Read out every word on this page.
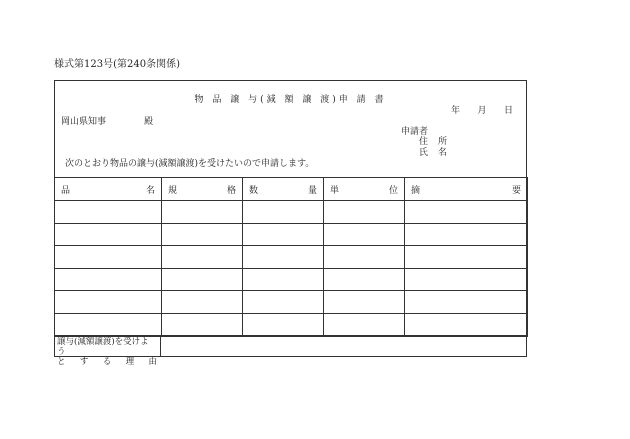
様式第123号(第240条関係)
物 品 譲 与(減 額 譲 渡)申 請 書
年 月 日
岡山県知事	殿
申請者
住 所
氏 名
次のとおり物品の譲与(減額譲渡)を受けたいので申請します。
品 名	規 格	数 量	単 位	摘 要

譲与(減額譲渡)を受けよう
と す る 理 由
